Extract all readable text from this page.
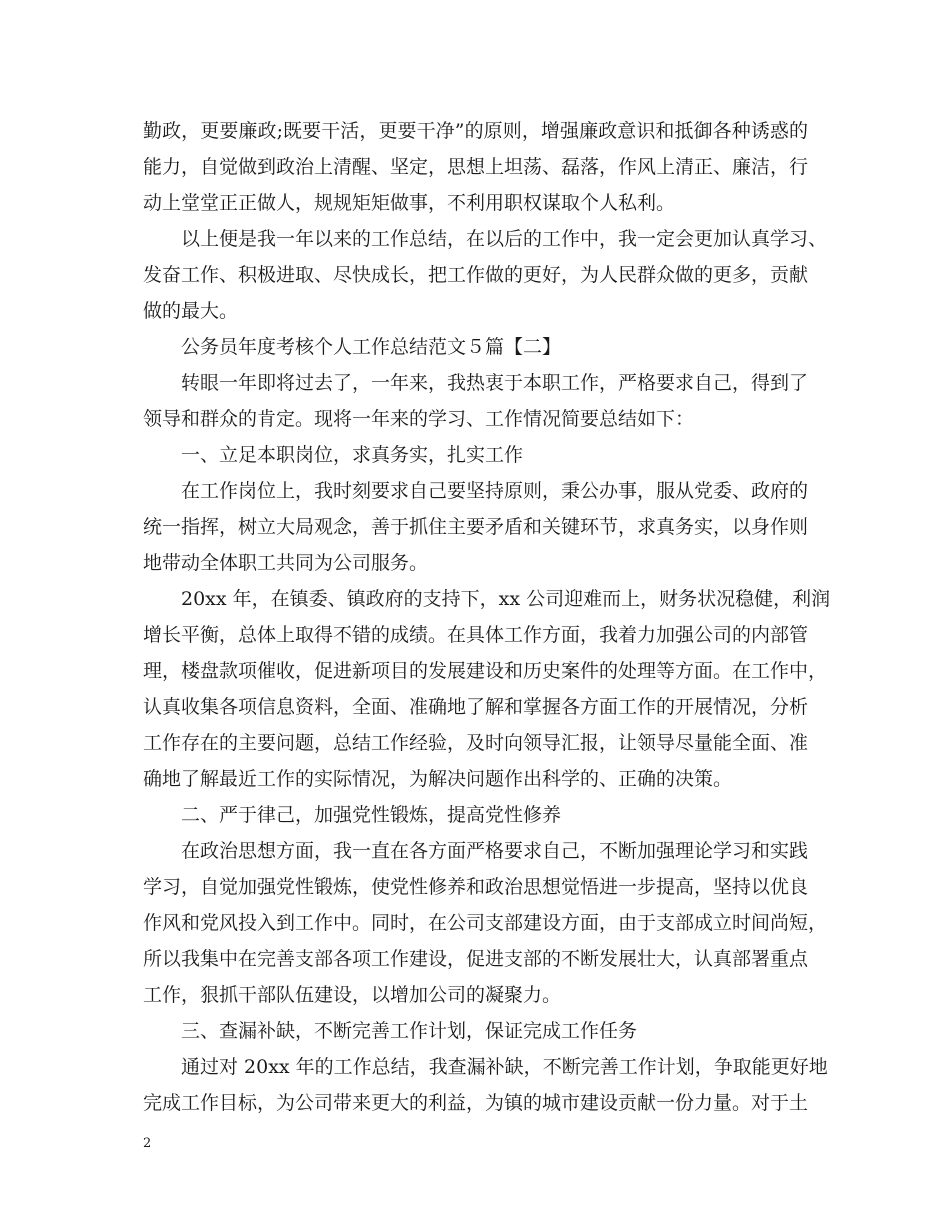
勤政，更要廉政;既要干活，更要干净”的原则，增强廉政意识和抵御各种诱惑的
能力，自觉做到政治上清醒、坚定，思想上坦荡、磊落，作风上清正、廉洁，行
动上堂堂正正做人，规规矩矩做事，不利用职权谋取个人私利。
以上便是我一年以来的工作总结，在以后的工作中，我一定会更加认真学习、
发奋工作、积极进取、尽快成长，把工作做的更好，为人民群众做的更多，贡献
做的最大。
公务员年度考核个人工作总结范文５篇【二】
转眼一年即将过去了，一年来，我热衷于本职工作，严格要求自己，得到了
领导和群众的肯定。现将一年来的学习、工作情况简要总结如下：
一、立足本职岗位，求真务实，扎实工作
在工作岗位上，我时刻要求自己要坚持原则，秉公办事，服从党委、政府的
统一指挥，树立大局观念，善于抓住主要矛盾和关键环节，求真务实，以身作则
地带动全体职工共同为公司服务。
20xx 年，在镇委、镇政府的支持下，xx 公司迎难而上，财务状况稳健，利润
增长平衡，总体上取得不错的成绩。在具体工作方面，我着力加强公司的内部管
理，楼盘款项催收，促进新项目的发展建设和历史案件的处理等方面。在工作中，
认真收集各项信息资料，全面、准确地了解和掌握各方面工作的开展情况，分析
工作存在的主要问题，总结工作经验，及时向领导汇报，让领导尽量能全面、准
确地了解最近工作的实际情况，为解决问题作出科学的、正确的决策。
二、严于律己，加强党性锻炼，提高党性修养
在政治思想方面，我一直在各方面严格要求自己，不断加强理论学习和实践
学习，自觉加强党性锻炼，使党性修养和政治思想觉悟进一步提高，坚持以优良
作风和党风投入到工作中。同时，在公司支部建设方面，由于支部成立时间尚短，
所以我集中在完善支部各项工作建设，促进支部的不断发展壮大，认真部署重点
工作，狠抓干部队伍建设，以增加公司的凝聚力。
三、查漏补缺，不断完善工作计划，保证完成工作任务
通过对 20xx 年的工作总结，我查漏补缺，不断完善工作计划，争取能更好地
完成工作目标，为公司带来更大的利益，为镇的城市建设贡献一份力量。对于土
2
